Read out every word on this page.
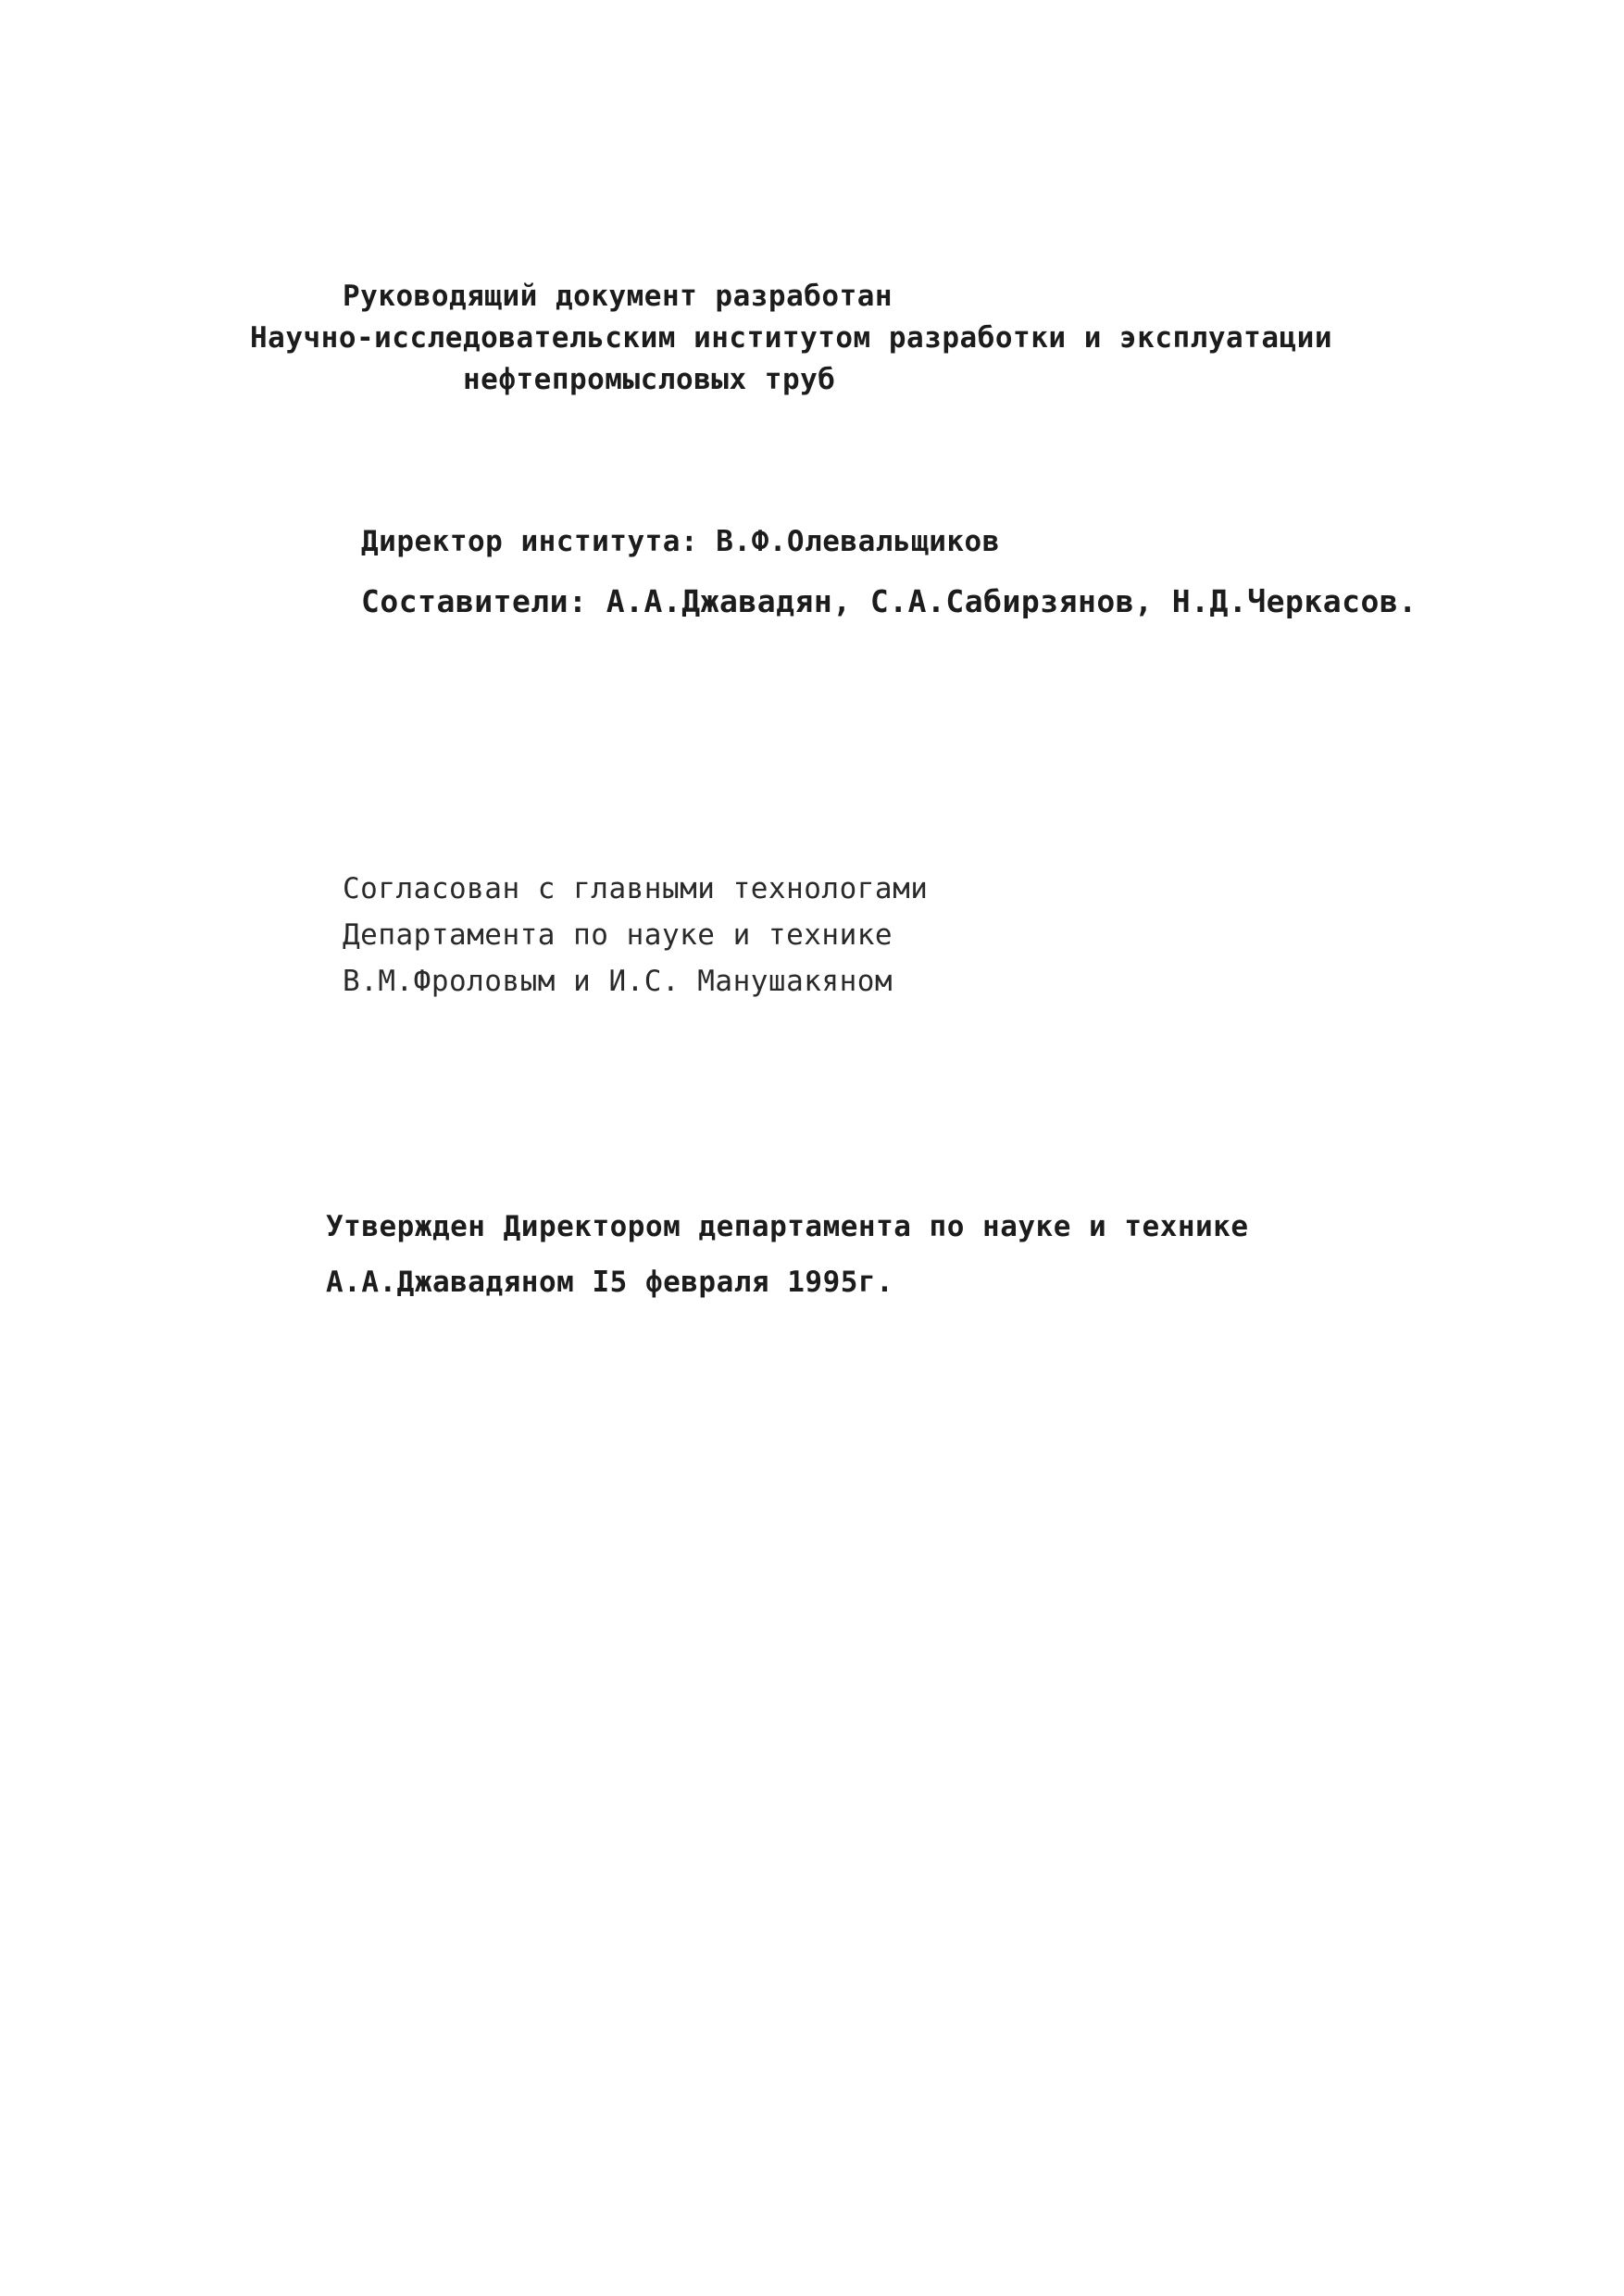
Руководящий документ разработан
Научно-исследовательским институтом разработки и эксплуатации
нефтепромысловых труб
Директор института: В.Ф.Олевальщиков
Составители: А.А.Джавадян, С.А.Сабирзянов, Н.Д.Черкасов.
Согласован с главными технологами
Департамента по науке и технике
В.М.Фроловым и И.С. Манушакяном
Утвержден Директором департамента по науке и технике
А.А.Джавадяном I5 февраля 1995г.
